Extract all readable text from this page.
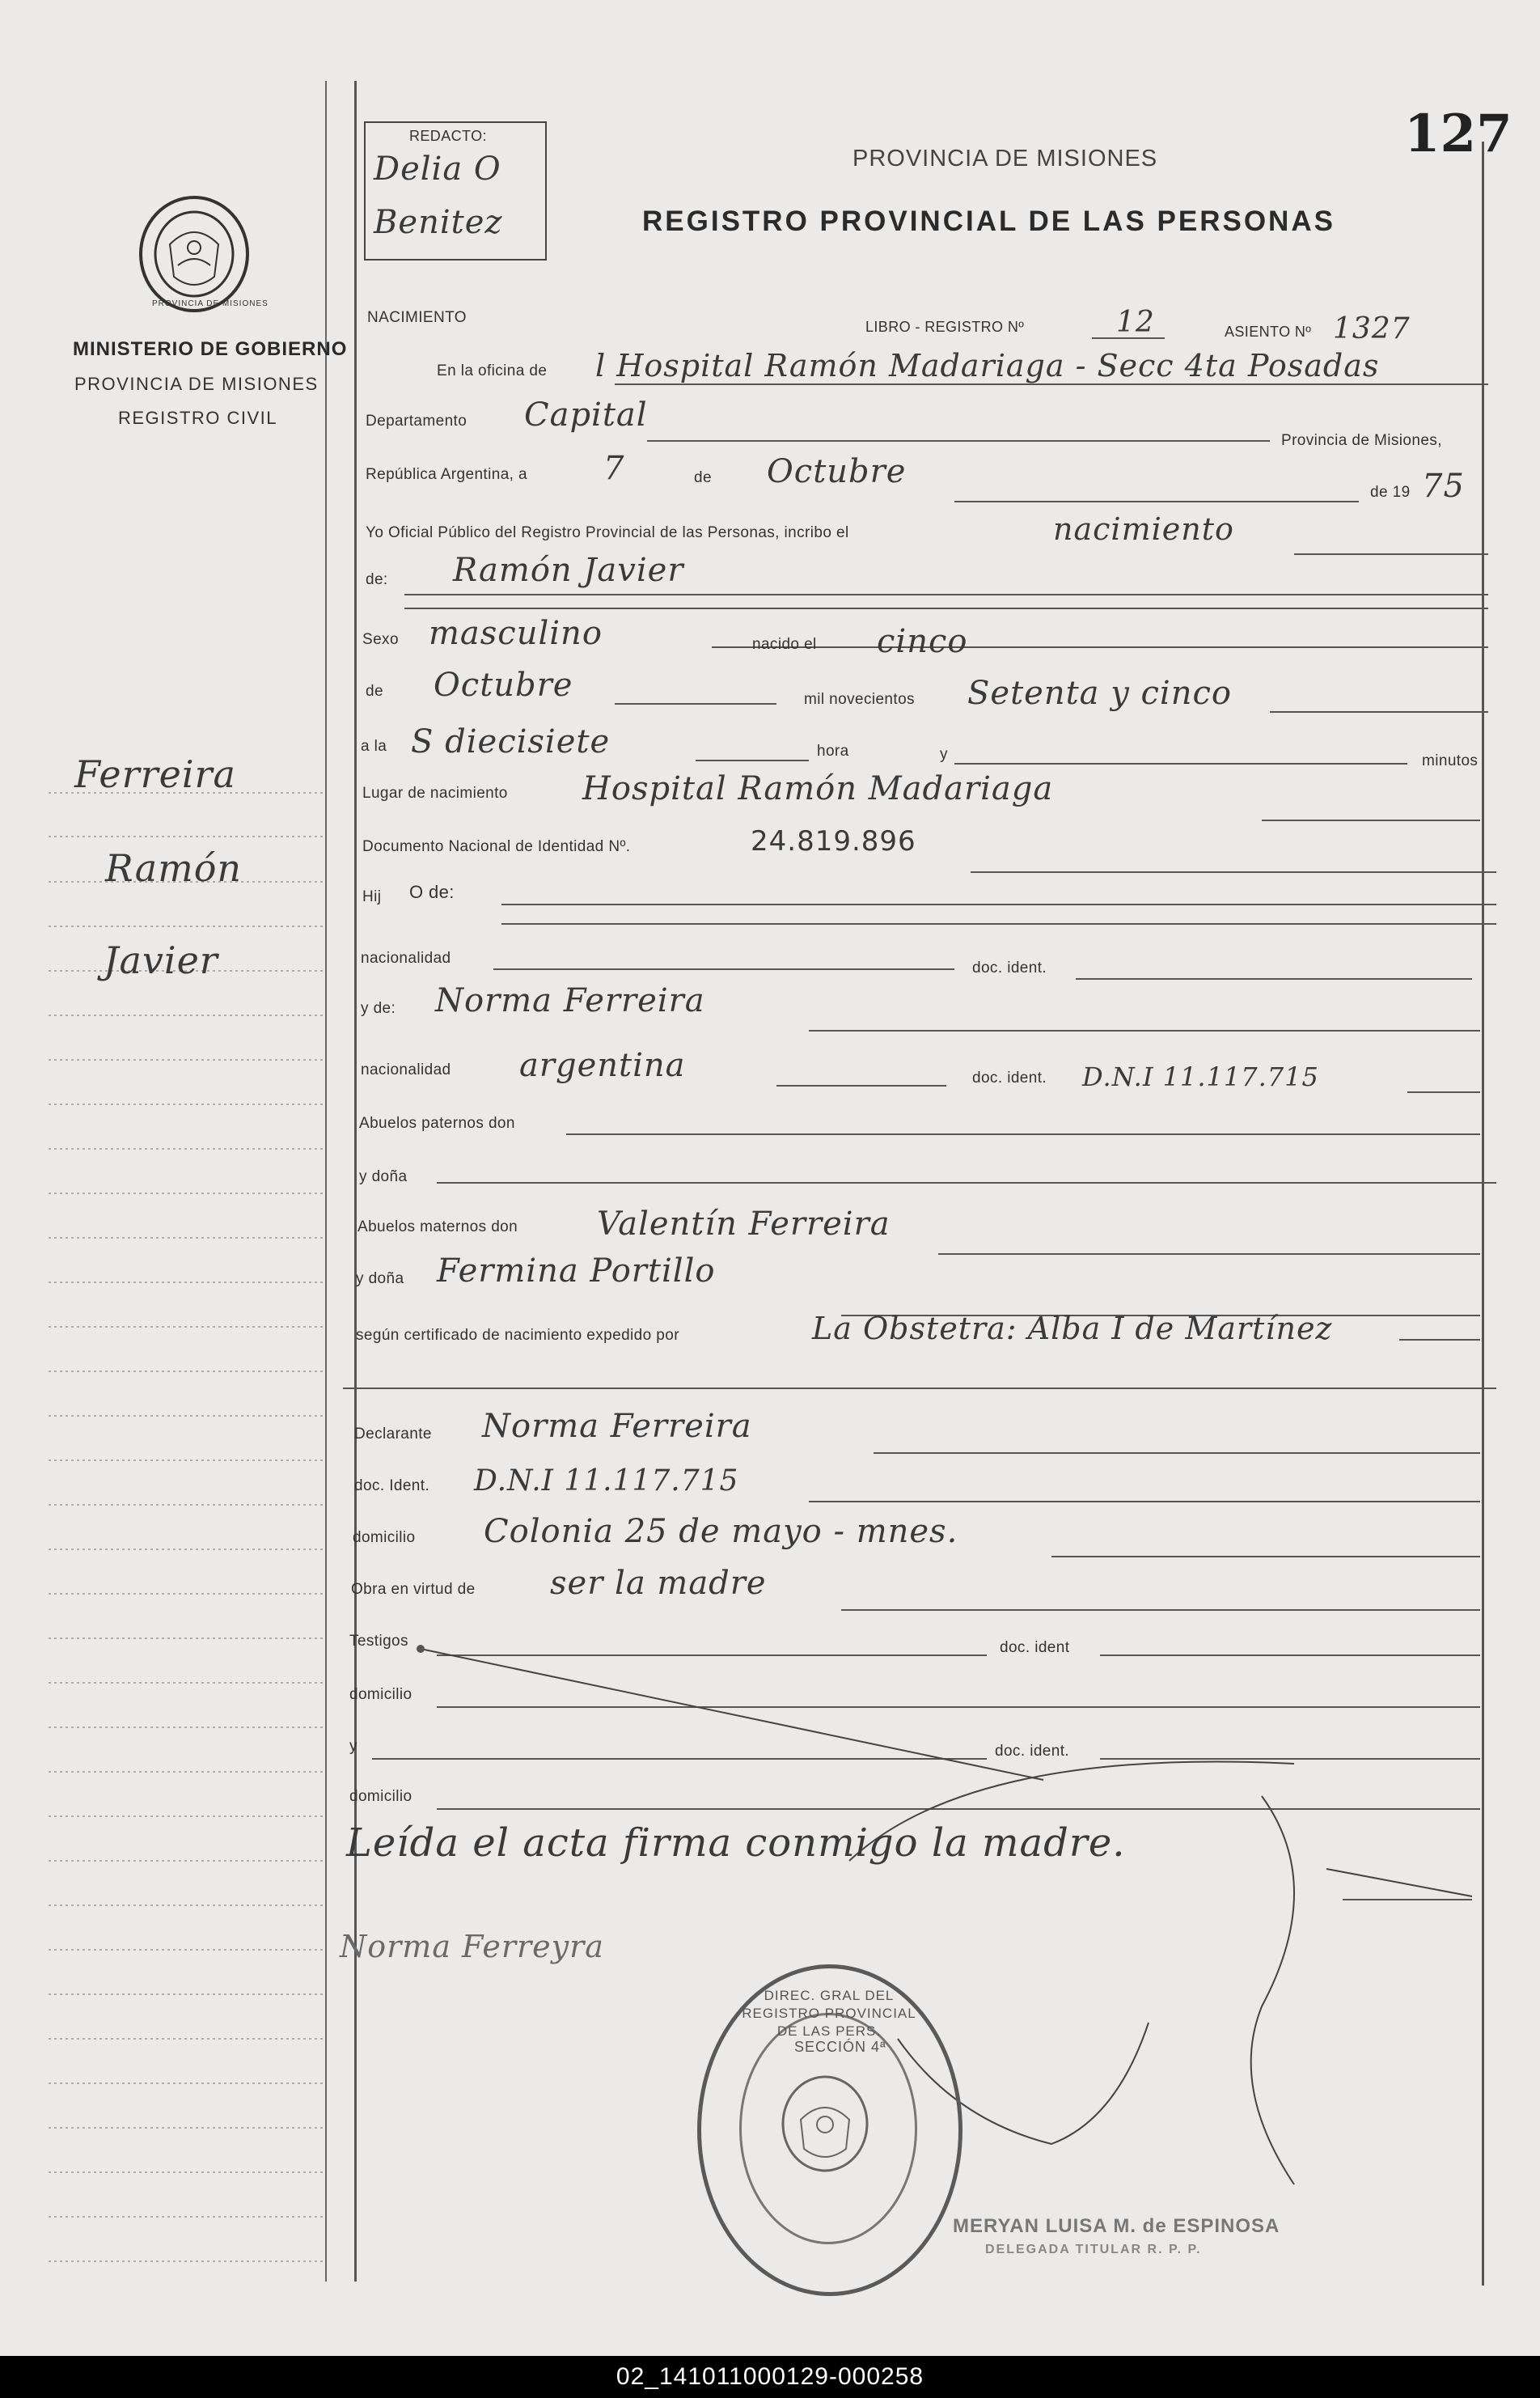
127
REDACTO:
Delia O
Benitez
PROVINCIA DE MISIONES
MINISTERIO DE GOBIERNO
PROVINCIA DE MISIONES
REGISTRO CIVIL
PROVINCIA DE MISIONES
REGISTRO PROVINCIAL DE LAS PERSONAS
Ferreira
Ramón
Javier
NACIMIENTO
LIBRO - REGISTRO Nº	12	ASIENTO Nº 1327
En la oficina de l Hospital Ramón Madariaga - Secc 4ta Posadas
Departamento Capital
Provincia de Misiones,
República Argentina, a 7	de Octubre
de 19 75
Yo Oficial Público del Registro Provincial de las Personas, incribo el	nacimiento
de: Ramón Javier
Sexo masculino	nacido el cinco
de Octubre	mil novecientos Setenta y cinco
a la S diecisiete	hora	y	minutos
Lugar de nacimiento Hospital Ramón Madariaga
Documento Nacional de Identidad Nº.	24.819.896
Hij O de:
nacionalidad
doc. ident.
y de: Norma Ferreira
nacionalidad argentina	doc. ident. D.N.I 11.117.715
Abuelos paternos don
y doña
Abuelos maternos don Valentín Ferreira
y doña Fermina Portillo
según certificado de nacimiento expedido por	La Obstetra: Alba I de Martínez
Declarante Norma Ferreira
doc. Ident. D.N.I 11.117.715
domicilio Colonia 25 de mayo - mnes.
Obra en virtud de ser la madre
Testigos	doc. ident
domicilio
y	doc. ident.
domicilio
Leída el acta firma conmigo la madre.
Norma Ferreyra
DIREC. GRAL DEL REGISTRO PROVINCIAL DE LAS PERS.
SECCIÓN 4ª
MERYAN LUISA M. de ESPINOSA
DELEGADA TITULAR R. P. P.
02_141011000129-000258
